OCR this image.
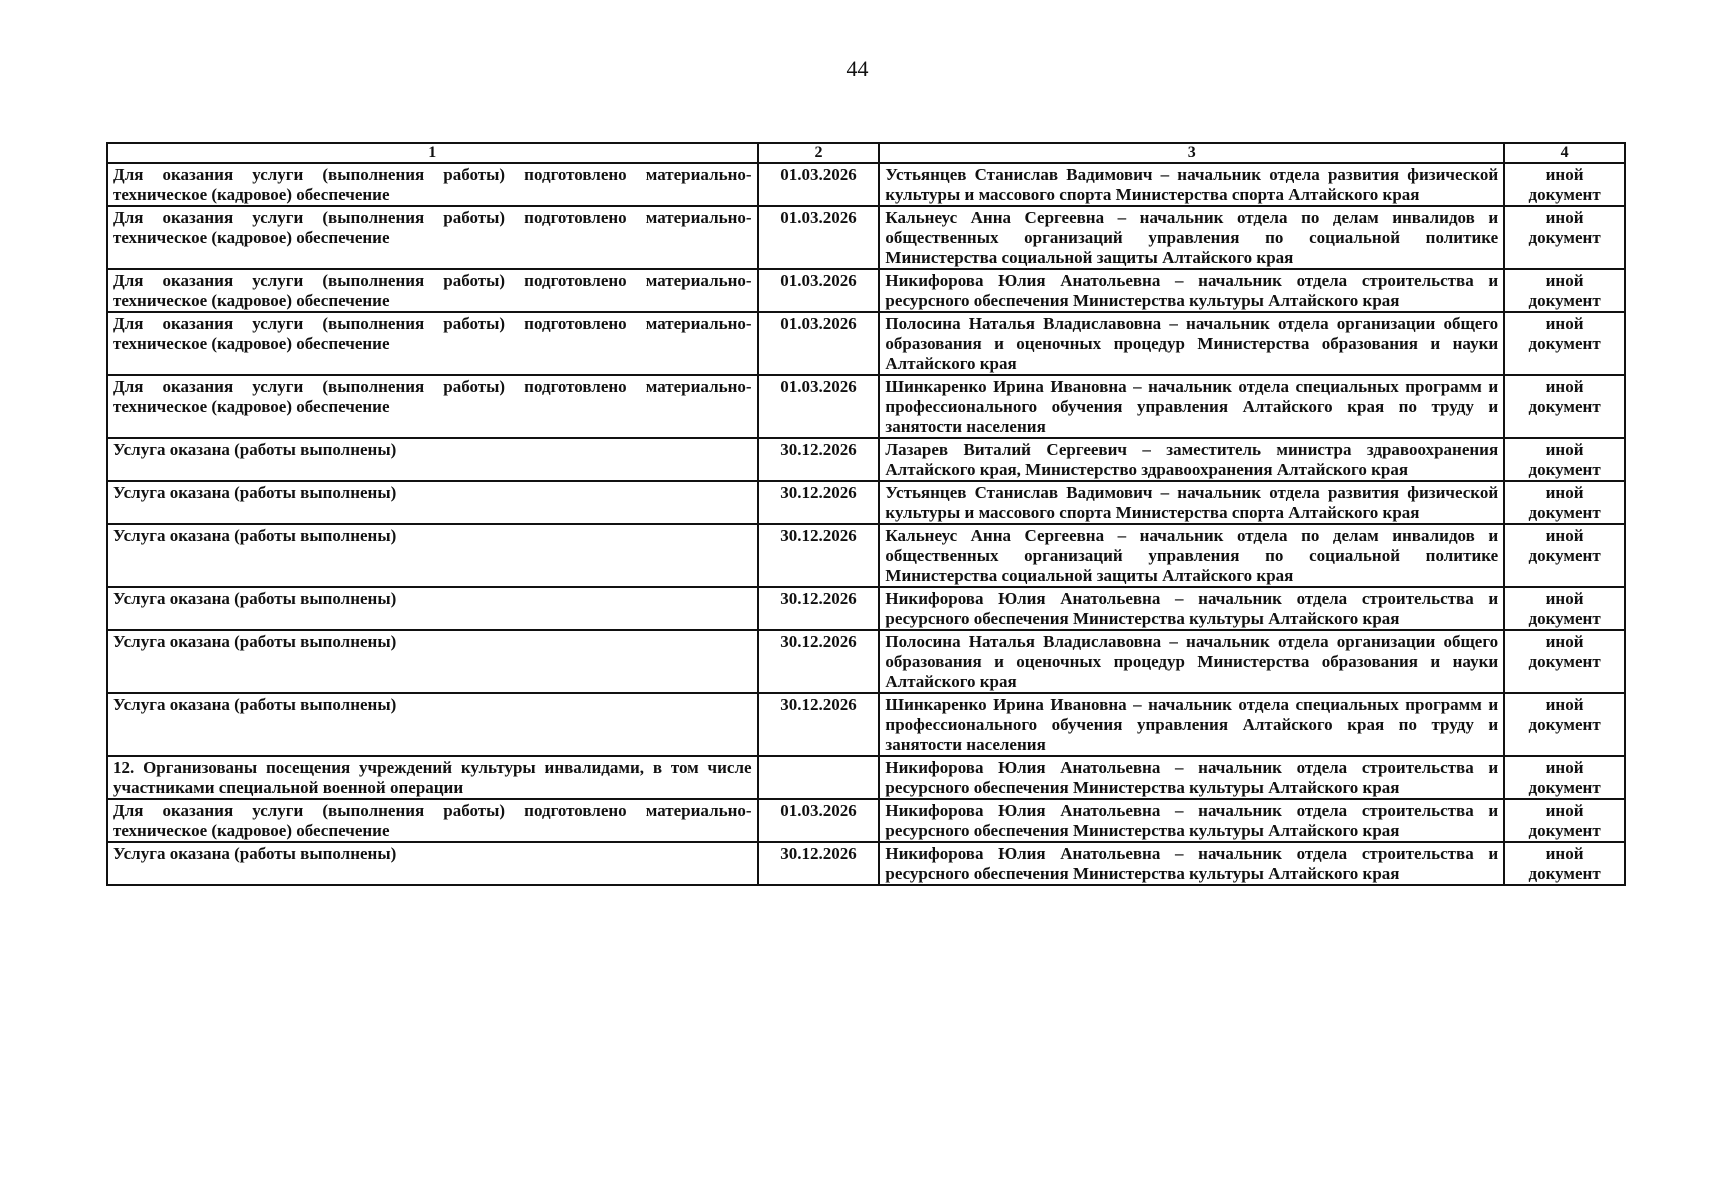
44
1	2	3	4
Для оказания услуги (выполнения работы) подготовлено материально-техническое (кадровое) обеспечение	01.03.2026	Устьянцев Станислав Вадимович – начальник отдела развития физической культуры и массового спорта Министерства спорта Алтайского края	иной документ
Для оказания услуги (выполнения работы) подготовлено материально-техническое (кадровое) обеспечение	01.03.2026	Кальнеус Анна Сергеевна – начальник отдела по делам инвалидов и общественных организаций управления по социальной политике Министерства социальной защиты Алтайского края	иной документ
Для оказания услуги (выполнения работы) подготовлено материально-техническое (кадровое) обеспечение	01.03.2026	Никифорова Юлия Анатольевна – начальник отдела строительства и ресурсного обеспечения Министерства культуры Алтайского края	иной документ
Для оказания услуги (выполнения работы) подготовлено материально-техническое (кадровое) обеспечение	01.03.2026	Полосина Наталья Владиславовна – начальник отдела организации общего образования и оценочных процедур Министерства образования и науки Алтайского края	иной документ
Для оказания услуги (выполнения работы) подготовлено материально-техническое (кадровое) обеспечение	01.03.2026	Шинкаренко Ирина Ивановна – начальник отдела специальных программ и профессионального обучения управления Алтайского края по труду и занятости населения	иной документ
Услуга оказана (работы выполнены)	30.12.2026	Лазарев Виталий Сергеевич – заместитель министра здравоохранения Алтайского края, Министерство здравоохранения Алтайского края	иной документ
Услуга оказана (работы выполнены)	30.12.2026	Устьянцев Станислав Вадимович – начальник отдела развития физической культуры и массового спорта Министерства спорта Алтайского края	иной документ
Услуга оказана (работы выполнены)	30.12.2026	Кальнеус Анна Сергеевна – начальник отдела по делам инвалидов и общественных организаций управления по социальной политике Министерства социальной защиты Алтайского края	иной документ
Услуга оказана (работы выполнены)	30.12.2026	Никифорова Юлия Анатольевна – начальник отдела строительства и ресурсного обеспечения Министерства культуры Алтайского края	иной документ
Услуга оказана (работы выполнены)	30.12.2026	Полосина Наталья Владиславовна – начальник отдела организации общего образования и оценочных процедур Министерства образования и науки Алтайского края	иной документ
Услуга оказана (работы выполнены)	30.12.2026	Шинкаренко Ирина Ивановна – начальник отдела специальных программ и профессионального обучения управления Алтайского края по труду и занятости населения	иной документ
12. Организованы посещения учреждений культуры инвалидами, в том числе участниками специальной военной операции		Никифорова Юлия Анатольевна – начальник отдела строительства и ресурсного обеспечения Министерства культуры Алтайского края	иной документ
Для оказания услуги (выполнения работы) подготовлено материально-техническое (кадровое) обеспечение	01.03.2026	Никифорова Юлия Анатольевна – начальник отдела строительства и ресурсного обеспечения Министерства культуры Алтайского края	иной документ
Услуга оказана (работы выполнены)	30.12.2026	Никифорова Юлия Анатольевна – начальник отдела строительства и ресурсного обеспечения Министерства культуры Алтайского края	иной документ
